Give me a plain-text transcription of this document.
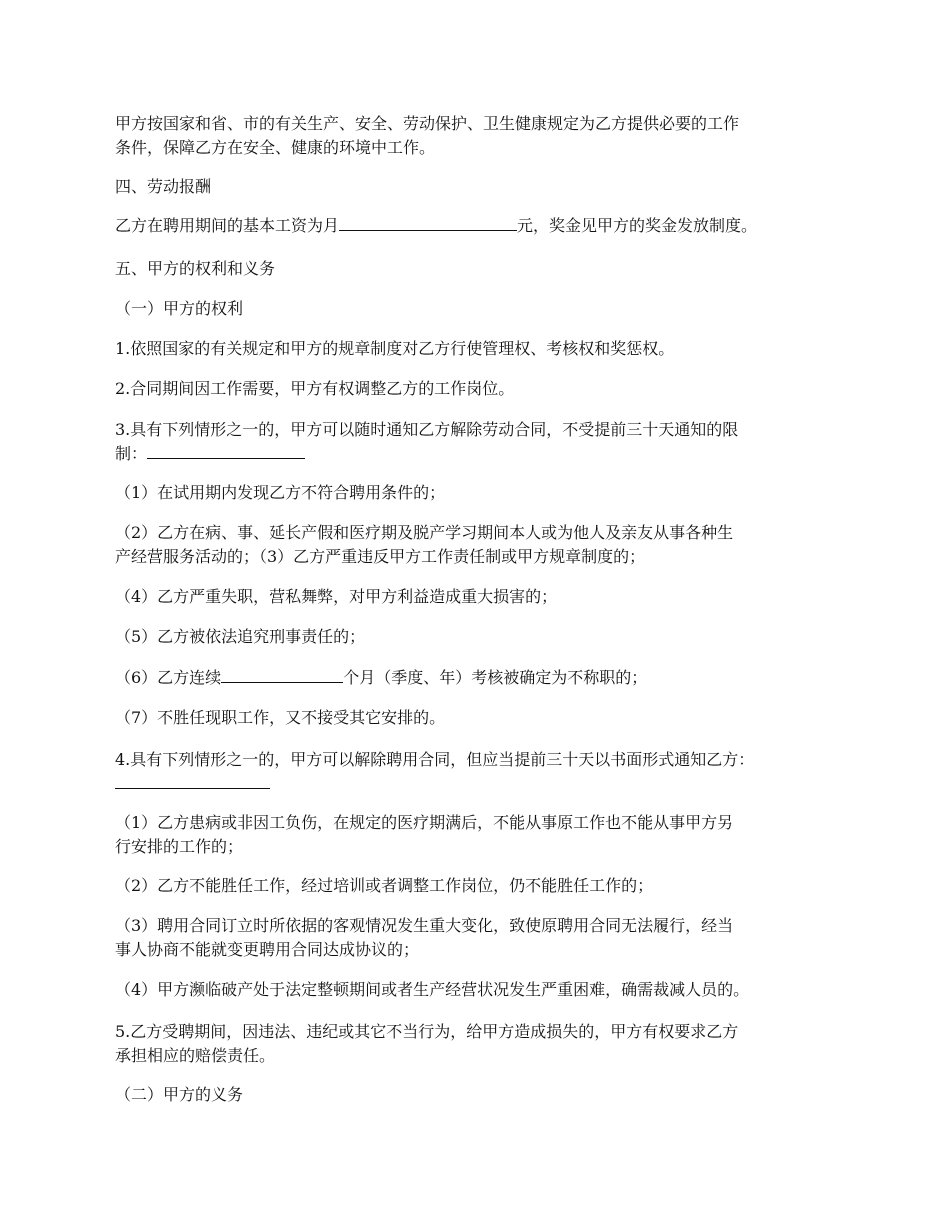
甲方按国家和省、市的有关生产、安全、劳动保护、卫生健康规定为乙方提供必要的工作
条件，保障乙方在安全、健康的环境中工作。

四、劳动报酬

乙方在聘用期间的基本工资为月	元，奖金见甲方的奖金发放制度。

五、甲方的权利和义务

（一）甲方的权利

1.依照国家的有关规定和甲方的规章制度对乙方行使管理权、考核权和奖惩权。

2.合同期间因工作需要，甲方有权调整乙方的工作岗位。

3.具有下列情形之一的，甲方可以随时通知乙方解除劳动合同，不受提前三十天通知的限
制：

（1）在试用期内发现乙方不符合聘用条件的；

（2）乙方在病、事、延长产假和医疗期及脱产学习期间本人或为他人及亲友从事各种生
产经营服务活动的；（3）乙方严重违反甲方工作责任制或甲方规章制度的；

（4）乙方严重失职，营私舞弊，对甲方利益造成重大损害的；

（5）乙方被依法追究刑事责任的；

（6）乙方连续	个月（季度、年）考核被确定为不称职的；

（7）不胜任现职工作，又不接受其它安排的。

4.具有下列情形之一的，甲方可以解除聘用合同，但应当提前三十天以书面形式通知乙方：

（1）乙方患病或非因工负伤，在规定的医疗期满后，不能从事原工作也不能从事甲方另
行安排的工作的；

（2）乙方不能胜任工作，经过培训或者调整工作岗位，仍不能胜任工作的；

（3）聘用合同订立时所依据的客观情况发生重大变化，致使原聘用合同无法履行，经当
事人协商不能就变更聘用合同达成协议的；

（4）甲方濒临破产处于法定整顿期间或者生产经营状况发生严重困难，确需裁减人员的。

5.乙方受聘期间，因违法、违纪或其它不当行为，给甲方造成损失的，甲方有权要求乙方
承担相应的赔偿责任。

（二）甲方的义务
